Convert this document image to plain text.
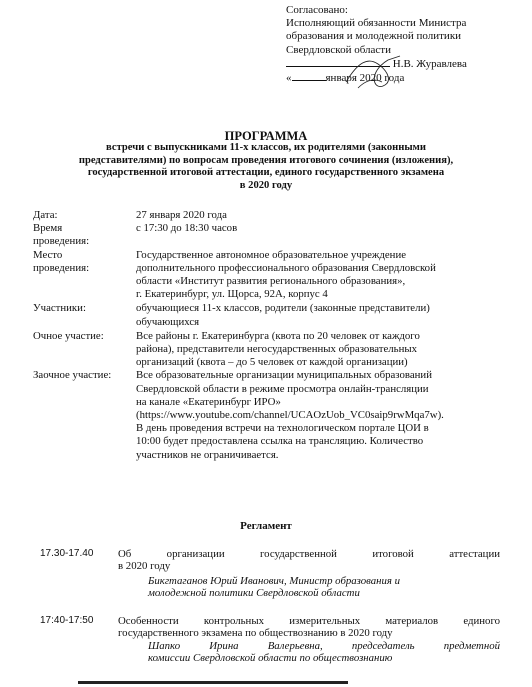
Согласовано:
Исполняющий обязанности Министра
образования и молодежной политики
Свердловской области
Н.В. Журавлева
«	января 2020 года
ПРОГРАММА
встречи с выпускниками 11-х классов, их родителями (законными
представителями) по вопросам проведения итогового сочинения (изложения),
государственной итоговой аттестации, единого государственного экзамена
в 2020 году
Дата:	27 января 2020 года
Время
проведения:
с 17:30 до 18:30 часов
Место
проведения:
Государственное автономное образовательное учреждение
дополнительного профессионального образования Свердловской
области «Институт развития регионального образования»,
г. Екатеринбург, ул. Щорса, 92А, корпус 4
Участники:	обучающиеся 11-х классов, родители (законные представители)
обучающихся
Очное участие:	Все районы г. Екатеринбурга (квота по 20 человек от каждого
района), представители негосударственных образовательных
организаций (квота – до 5 человек от каждой организации)
Заочное участие:	Все образовательные организации муниципальных образований
Свердловской области в режиме просмотра онлайн-трансляции
на канале «Екатеринбург ИРО»
(https://www.youtube.com/channel/UCAOzUob_VC0saip9rwMqa7w).
В день проведения встречи на технологическом портале ЦОИ в
10:00 будет предоставлена ссылка на трансляцию. Количество
участников не ограничивается.
Регламент
17.30-17.40	Об организации государственной итоговой аттестации
в 2020 году
Бикгтаганов Юрий Иванович, Министр образования и
молодежной политики Свердловской области
17:40-17:50	Особенности контрольных измерительных материалов единого
государственного экзамена по обществознанию в 2020 году
Шапко Ирина Валерьевна, председатель предметной
комиссии Свердловской области по обществознанию
